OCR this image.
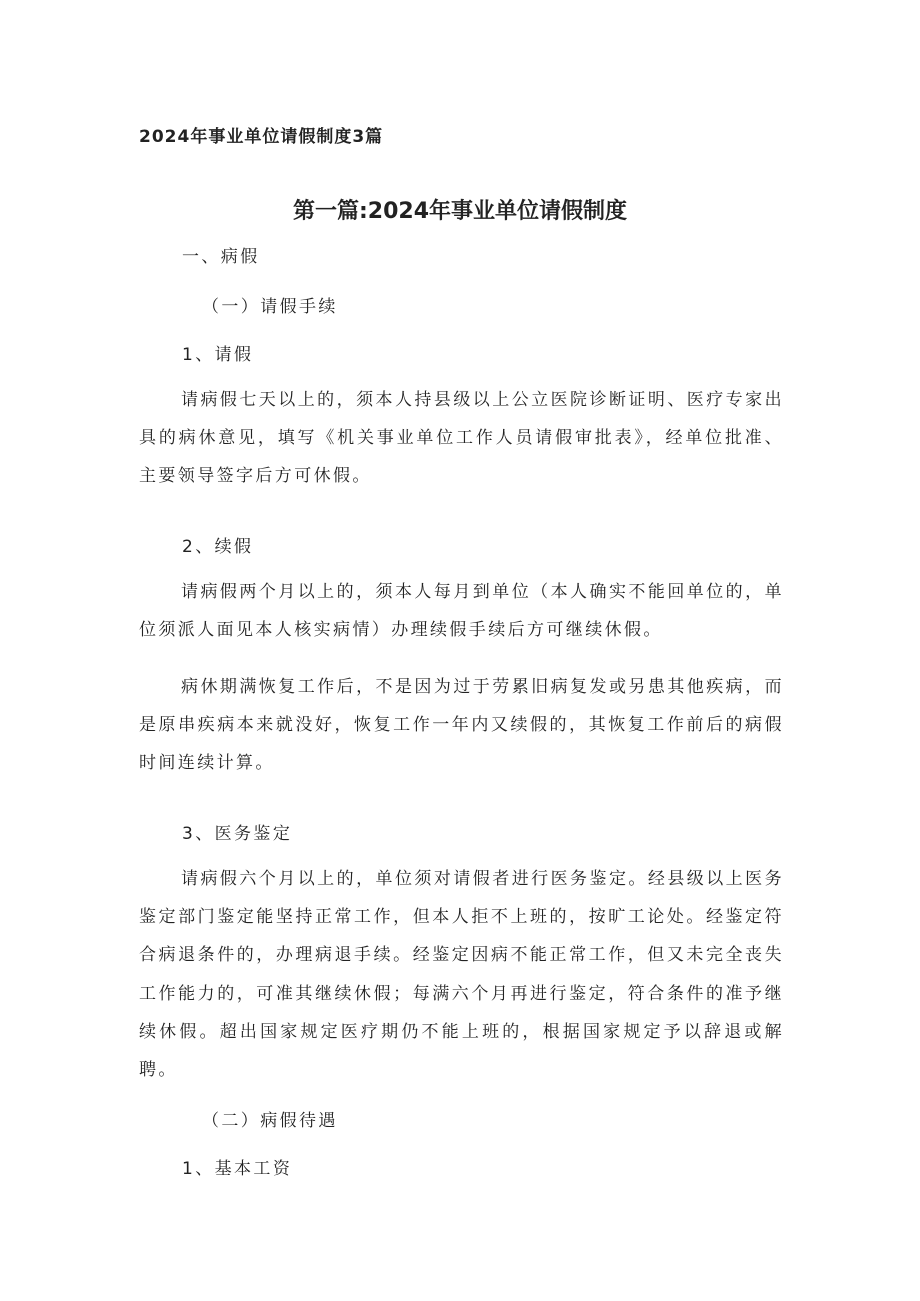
2024年事业单位请假制度3篇
第一篇:2024年事业单位请假制度

一、病假

（一）请假手续

1、请假

请病假七天以上的，须本人持县级以上公立医院诊断证明、医疗专家出具的病休意见，填写《机关事业单位工作人员请假审批表》，经单位批准、主要领导签字后方可休假。

2、续假

请病假两个月以上的，须本人每月到单位（本人确实不能回单位的，单位须派人面见本人核实病情）办理续假手续后方可继续休假。

病休期满恢复工作后，不是因为过于劳累旧病复发或另患其他疾病，而是原串疾病本来就没好，恢复工作一年内又续假的，其恢复工作前后的病假时间连续计算。

3、医务鉴定

请病假六个月以上的，单位须对请假者进行医务鉴定。经县级以上医务鉴定部门鉴定能坚持正常工作，但本人拒不上班的，按旷工论处。经鉴定符合病退条件的，办理病退手续。经鉴定因病不能正常工作，但又未完全丧失工作能力的，可准其继续休假；每满六个月再进行鉴定，符合条件的准予继续休假。超出国家规定医疗期仍不能上班的，根据国家规定予以辞退或解聘。

（二）病假待遇

1、基本工资
